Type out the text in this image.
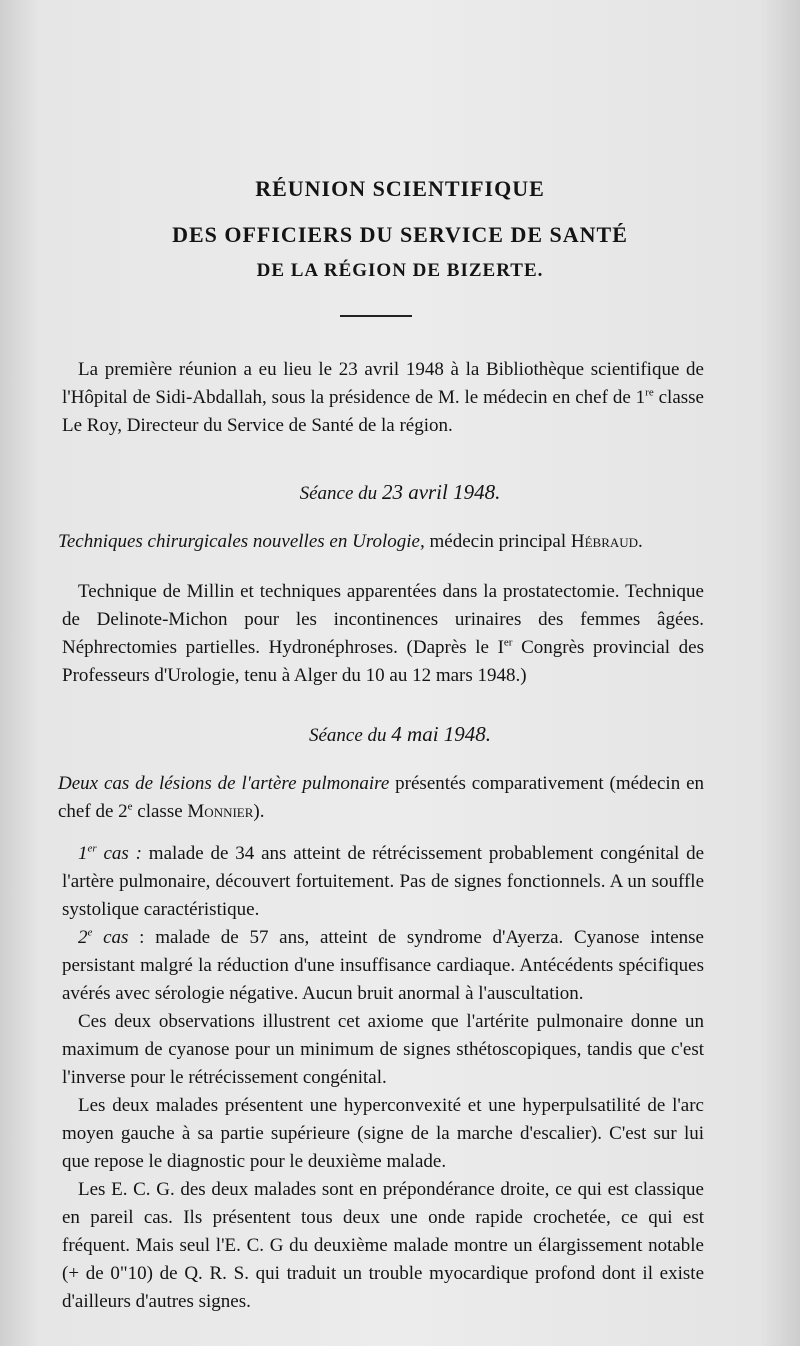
RÉUNION SCIENTIFIQUE
DES OFFICIERS DU SERVICE DE SANTÉ
DE LA RÉGION DE BIZERTE.

La première réunion a eu lieu le 23 avril 1948 à la Bibliothèque scientifique de l'Hôpital de Sidi-Abdallah, sous la présidence de M. le médecin en chef de 1re classe Le Roy, Directeur du Service de Santé de la région.

Séance du 23 avril 1948.

Techniques chirurgicales nouvelles en Urologie, médecin principal Hébraud.

Technique de Millin et techniques apparentées dans la prostatectomie. Technique de Delinote-Michon pour les incontinences urinaires des femmes âgées. Néphrectomies partielles. Hydronéphroses. (Daprès le Ier Congrès provincial des Professeurs d'Urologie, tenu à Alger du 10 au 12 mars 1948.)

Séance du 4 mai 1948.

Deux cas de lésions de l'artère pulmonaire présentés comparativement (médecin en chef de 2e classe Monnier).

1er cas : malade de 34 ans atteint de rétrécissement probablement congénital de l'artère pulmonaire, découvert fortuitement. Pas de signes fonctionnels. A un souffle systolique caractéristique.

2e cas : malade de 57 ans, atteint de syndrome d'Ayerza. Cyanose intense persistant malgré la réduction d'une insuffisance cardiaque. Antécédents spécifiques avérés avec sérologie négative. Aucun bruit anormal à l'auscultation.

Ces deux observations illustrent cet axiome que l'artérite pulmonaire donne un maximum de cyanose pour un minimum de signes sthétoscopiques, tandis que c'est l'inverse pour le rétrécissement congénital.

Les deux malades présentent une hyperconvexité et une hyperpulsatilité de l'arc moyen gauche à sa partie supérieure (signe de la marche d'escalier). C'est sur lui que repose le diagnostic pour le deuxième malade.

Les E. C. G. des deux malades sont en prépondérance droite, ce qui est classique en pareil cas. Ils présentent tous deux une onde rapide crochetée, ce qui est fréquent. Mais seul l'E. C. G du deuxième malade montre un élargissement notable (+ de 0"10) de Q. R. S. qui traduit un trouble myocardique profond dont il existe d'ailleurs d'autres signes.
